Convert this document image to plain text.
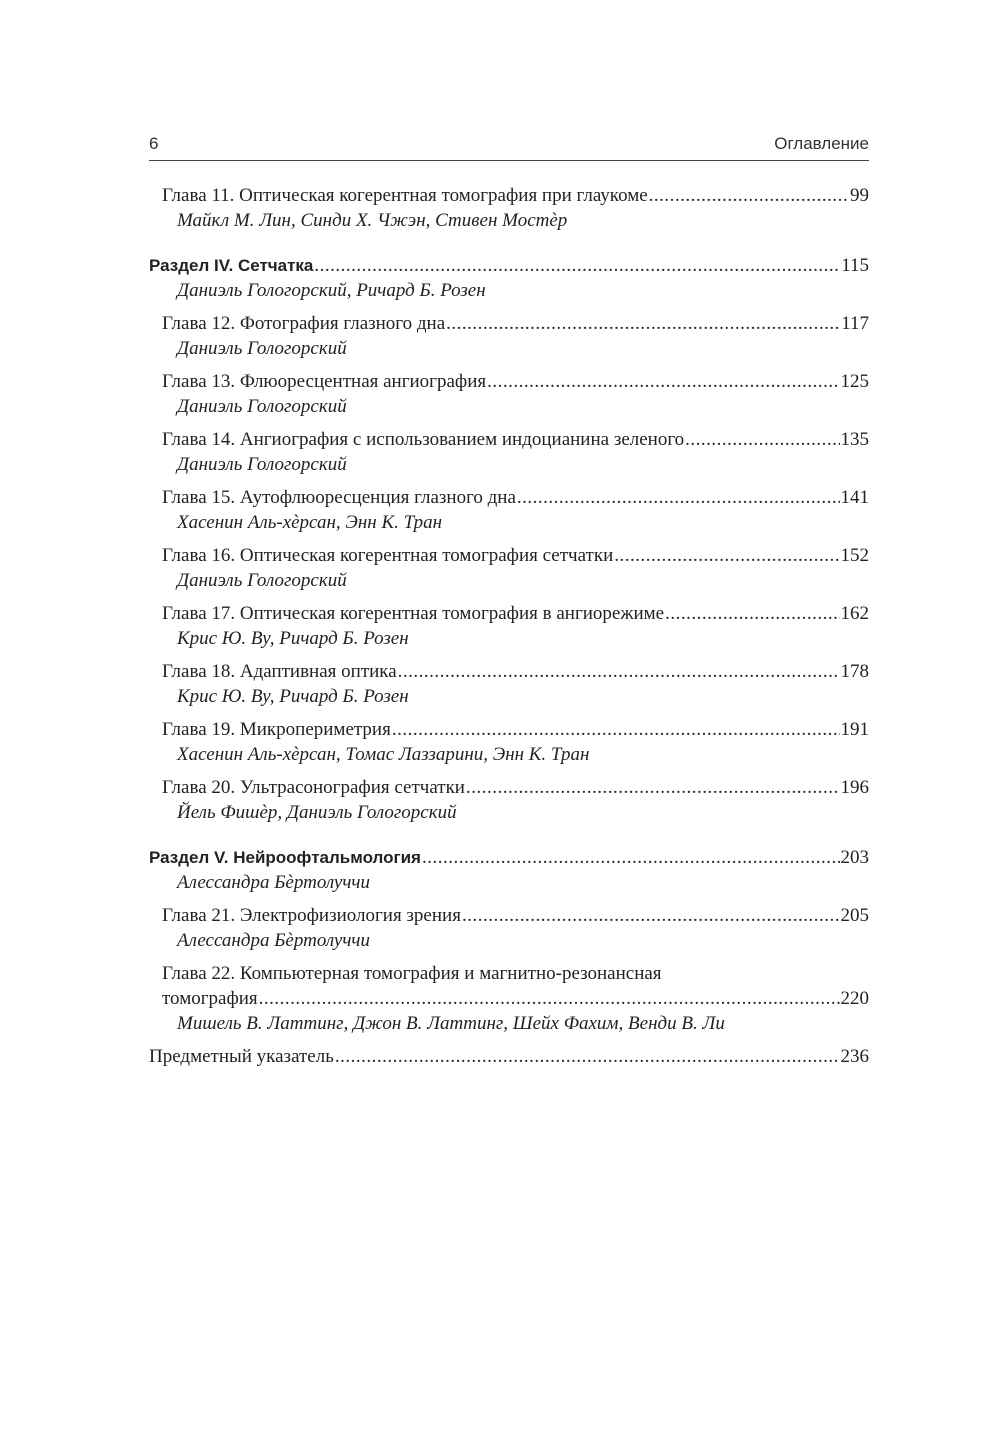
6	Оглавление
Глава 11. Оптическая когерентная томография при глаукоме .....	99
Майкл М. Лин, Синди Х. Чжэн, Стивен Мостѐр
Раздел IV. Сетчатка .....	115
Даниэль Гологорский, Ричард Б. Розен
Глава 12. Фотография глазного дна .....	117
Даниэль Гологорский
Глава 13. Флюоресцентная ангиография .....	125
Даниэль Гологорский
Глава 14. Ангиография с использованием индоцианина зеленого .....	135
Даниэль Гологорский
Глава 15. Аутофлюоресценция глазного дна .....	141
Хасенин Аль-хѐрсан, Энн К. Тран
Глава 16. Оптическая когерентная томография сетчатки .....	152
Даниэль Гологорский
Глава 17. Оптическая когерентная томография в ангиорежиме .....	162
Крис Ю. Ву, Ричард Б. Розен
Глава 18. Адаптивная оптика .....	178
Крис Ю. Ву, Ричард Б. Розен
Глава 19. Микропериметрия .....	191
Хасенин Аль-хѐрсан, Томас Лаззарини, Энн К. Тран
Глава 20. Ультрасонография сетчатки .....	196
Йель Фишѐр, Даниэль Гологорский
Раздел V. Нейроофтальмология .....	203
Алессандра Бѐртолуччи
Глава 21. Электрофизиология зрения .....	205
Алессандра Бѐртолуччи
Глава 22. Компьютерная томография и магнитно-резонансная
томография .....	220
Мишель В. Латтинг, Джон В. Латтинг, Шейх Фахим, Венди В. Ли
Предметный указатель .....	236
